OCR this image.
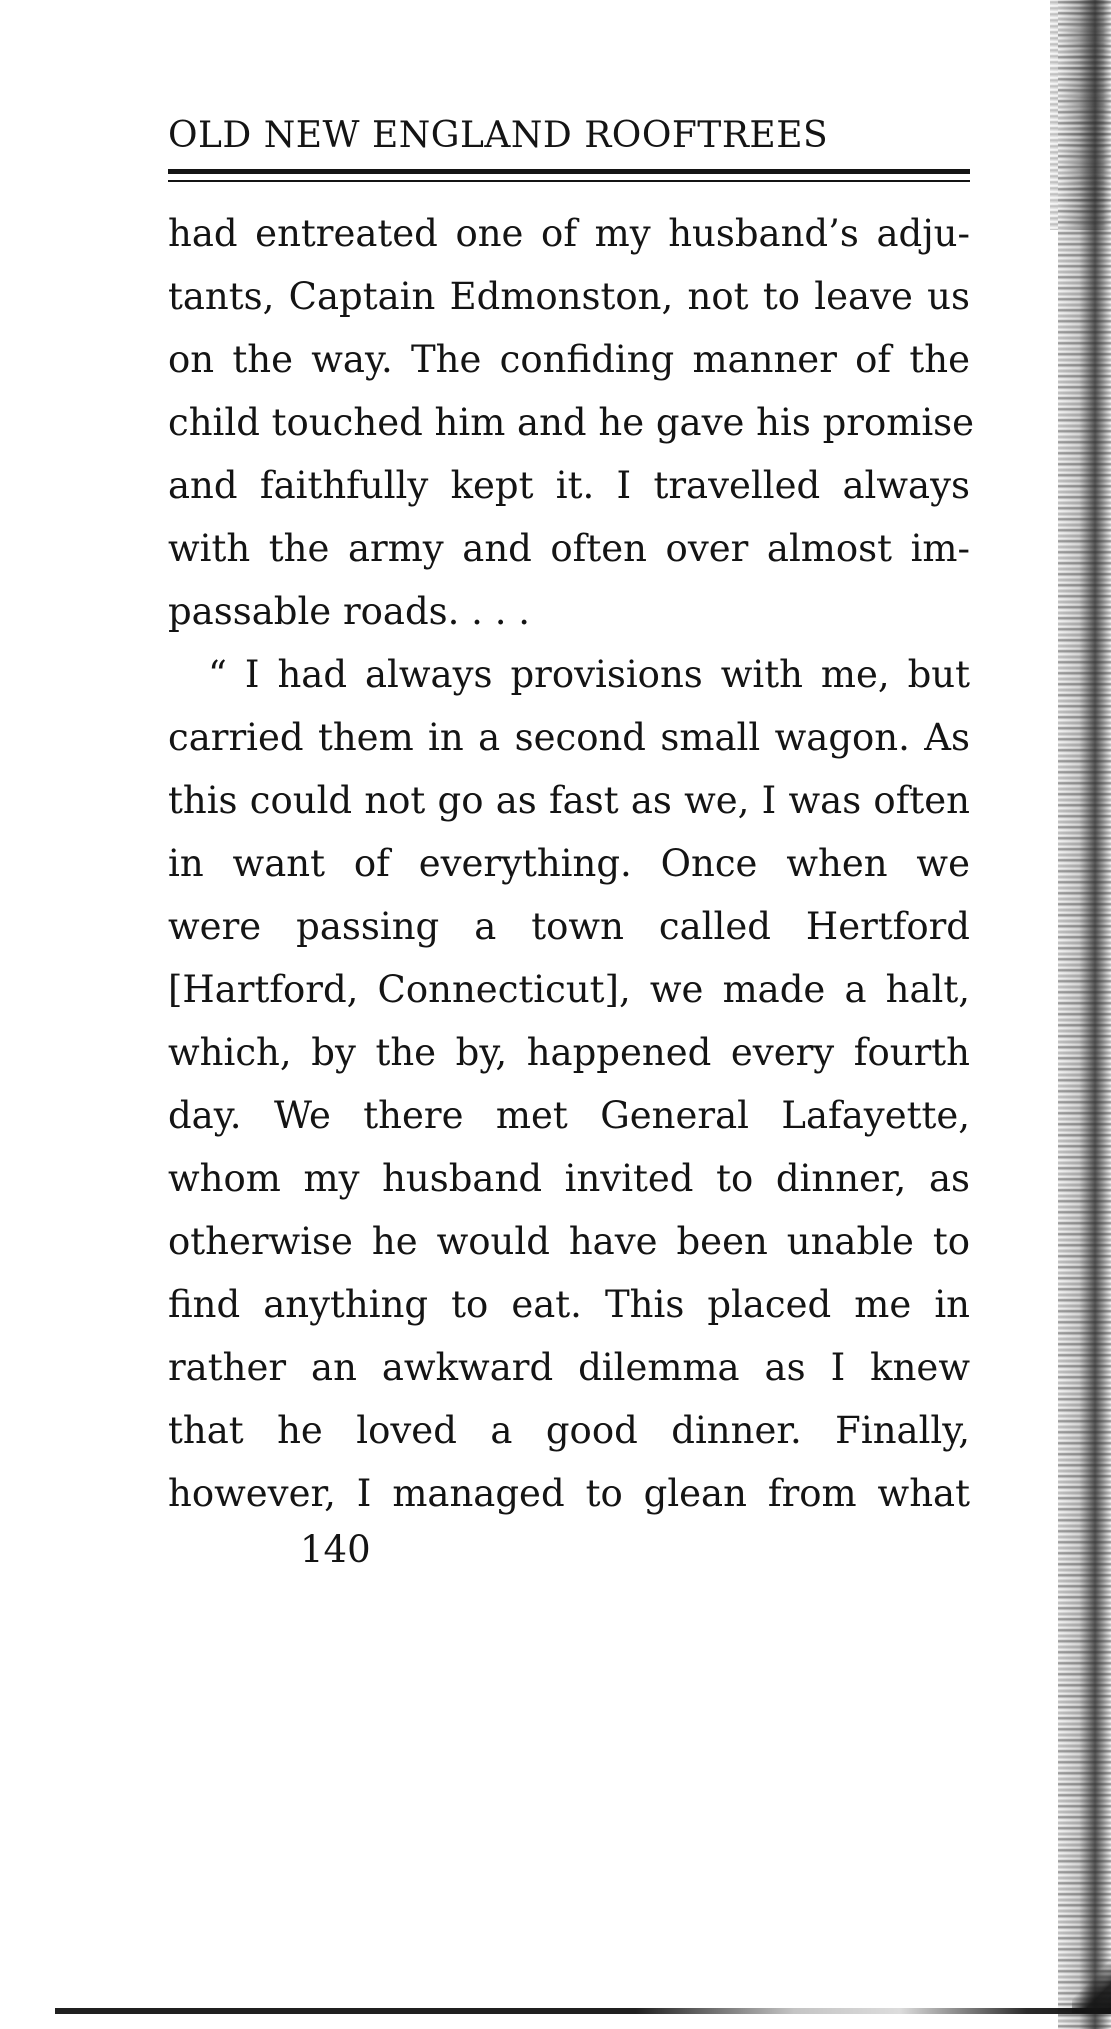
OLD NEW ENGLAND ROOFTREES
had entreated one of my husband’s adju-
tants, Captain Edmonston, not to leave us
on the way. The confiding manner of the
child touched him and he gave his promise
and faithfully kept it. I travelled always
with the army and often over almost im-
passable roads. . . .
“ I had always provisions with me, but
carried them in a second small wagon. As
this could not go as fast as we, I was often
in want of everything. Once when we
were passing a town called Hertford
[Hartford, Connecticut], we made a halt,
which, by the by, happened every fourth
day. We there met General Lafayette,
whom my husband invited to dinner, as
otherwise he would have been unable to
find anything to eat. This placed me in
rather an awkward dilemma as I knew
that he loved a good dinner. Finally,
however, I managed to glean from what
140
